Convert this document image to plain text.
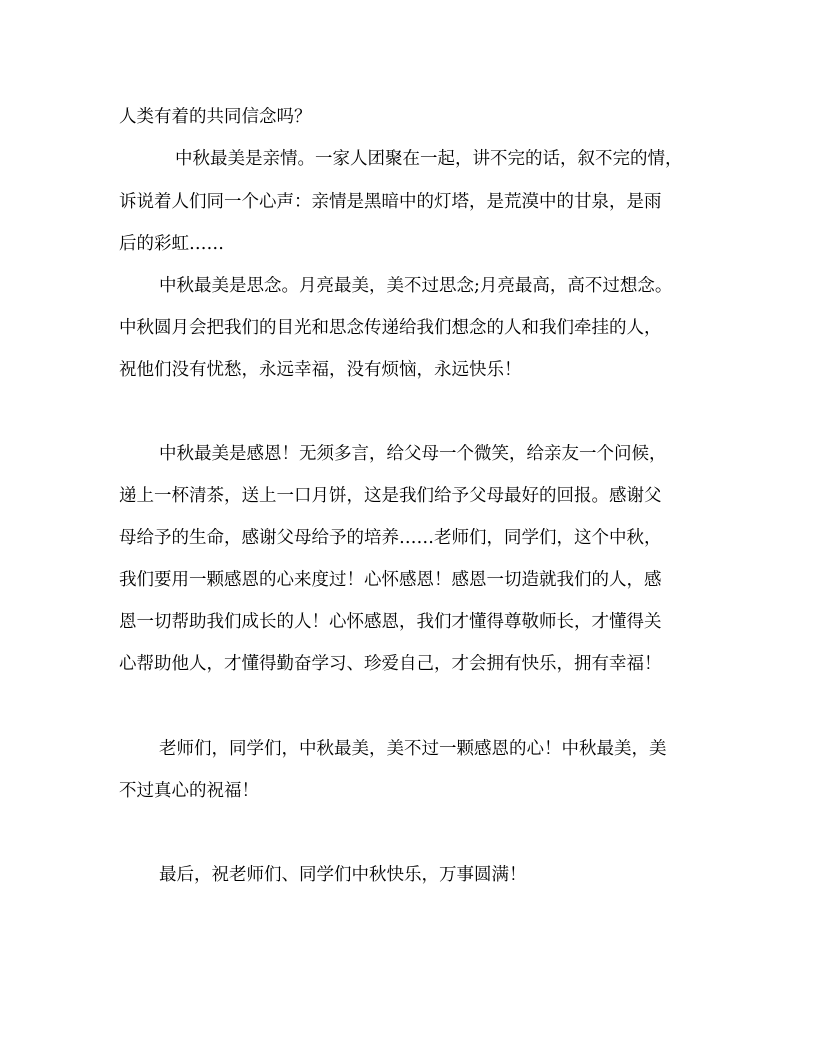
人类有着的共同信念吗？
中秋最美是亲情。一家人团聚在一起，讲不完的话，叙不完的情，
诉说着人们同一个心声：亲情是黑暗中的灯塔，是荒漠中的甘泉，是雨
后的彩虹……
中秋最美是思念。月亮最美，美不过思念;月亮最高，高不过想念。
中秋圆月会把我们的目光和思念传递给我们想念的人和我们牵挂的人，
祝他们没有忧愁，永远幸福，没有烦恼，永远快乐！
中秋最美是感恩！无须多言，给父母一个微笑，给亲友一个问候，
递上一杯清茶，送上一口月饼，这是我们给予父母最好的回报。感谢父
母给予的生命，感谢父母给予的培养……老师们，同学们，这个中秋，
我们要用一颗感恩的心来度过！心怀感恩！感恩一切造就我们的人，感
恩一切帮助我们成长的人！心怀感恩，我们才懂得尊敬师长，才懂得关
心帮助他人，才懂得勤奋学习、珍爱自己，才会拥有快乐，拥有幸福！
老师们，同学们，中秋最美，美不过一颗感恩的心！中秋最美，美
不过真心的祝福！
最后，祝老师们、同学们中秋快乐，万事圆满！
